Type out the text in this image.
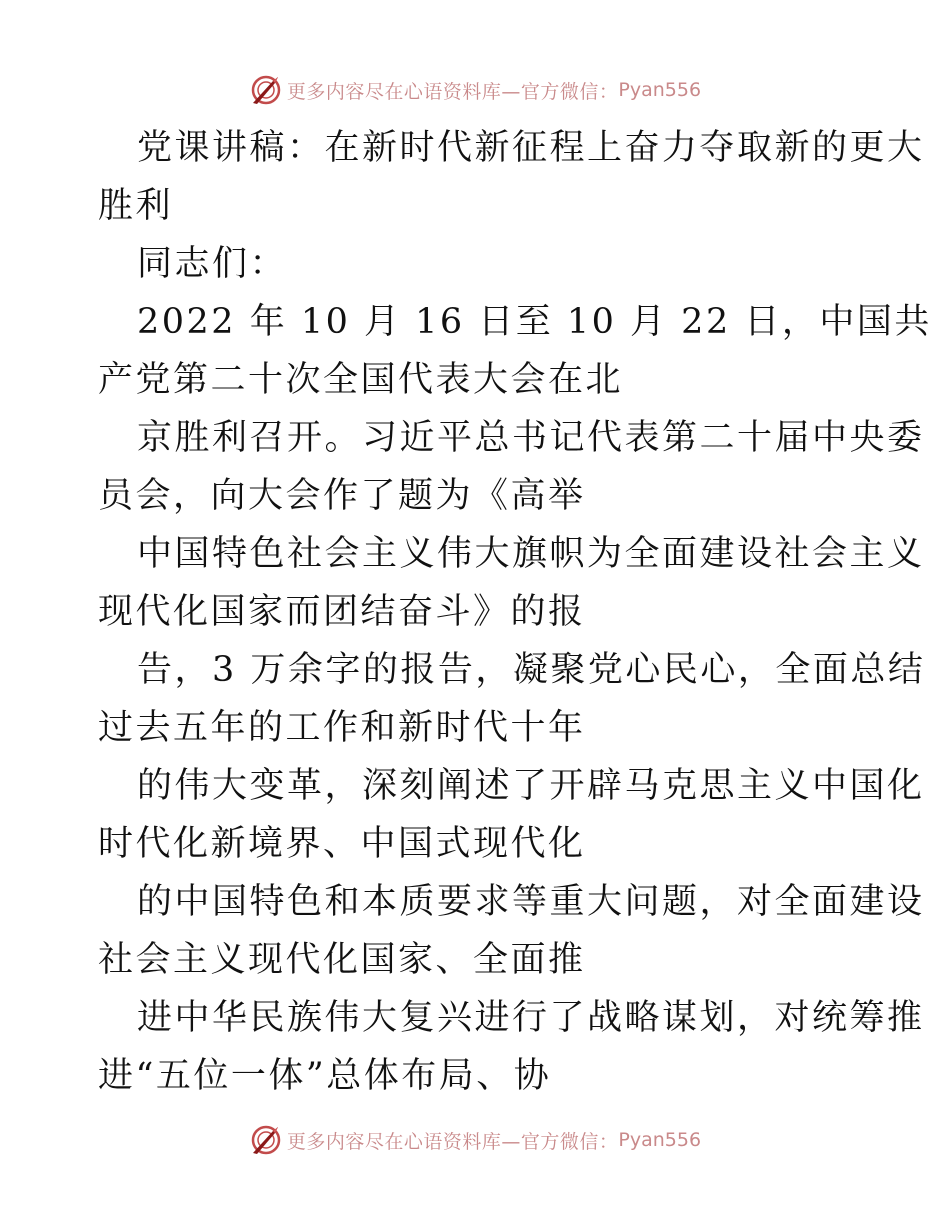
更多内容尽在心语资料库—官方微信： Pyan556
党课讲稿：在新时代新征程上奋力夺取新的更大
胜利
同志们：
2022 年 10 月 16 日至 10 月 22 日，中国共
产党第二十次全国代表大会在北
京胜利召开。习近平总书记代表第二十届中央委
员会，向大会作了题为《高举
中国特色社会主义伟大旗帜为全面建设社会主义
现代化国家而团结奋斗》的报
告，3 万余字的报告，凝聚党心民心，全面总结
过去五年的工作和新时代十年
的伟大变革，深刻阐述了开辟马克思主义中国化
时代化新境界、中国式现代化
的中国特色和本质要求等重大问题，对全面建设
社会主义现代化国家、全面推
进中华民族伟大复兴进行了战略谋划，对统筹推
进“五位一体”总体布局、协
更多内容尽在心语资料库—官方微信： Pyan556
